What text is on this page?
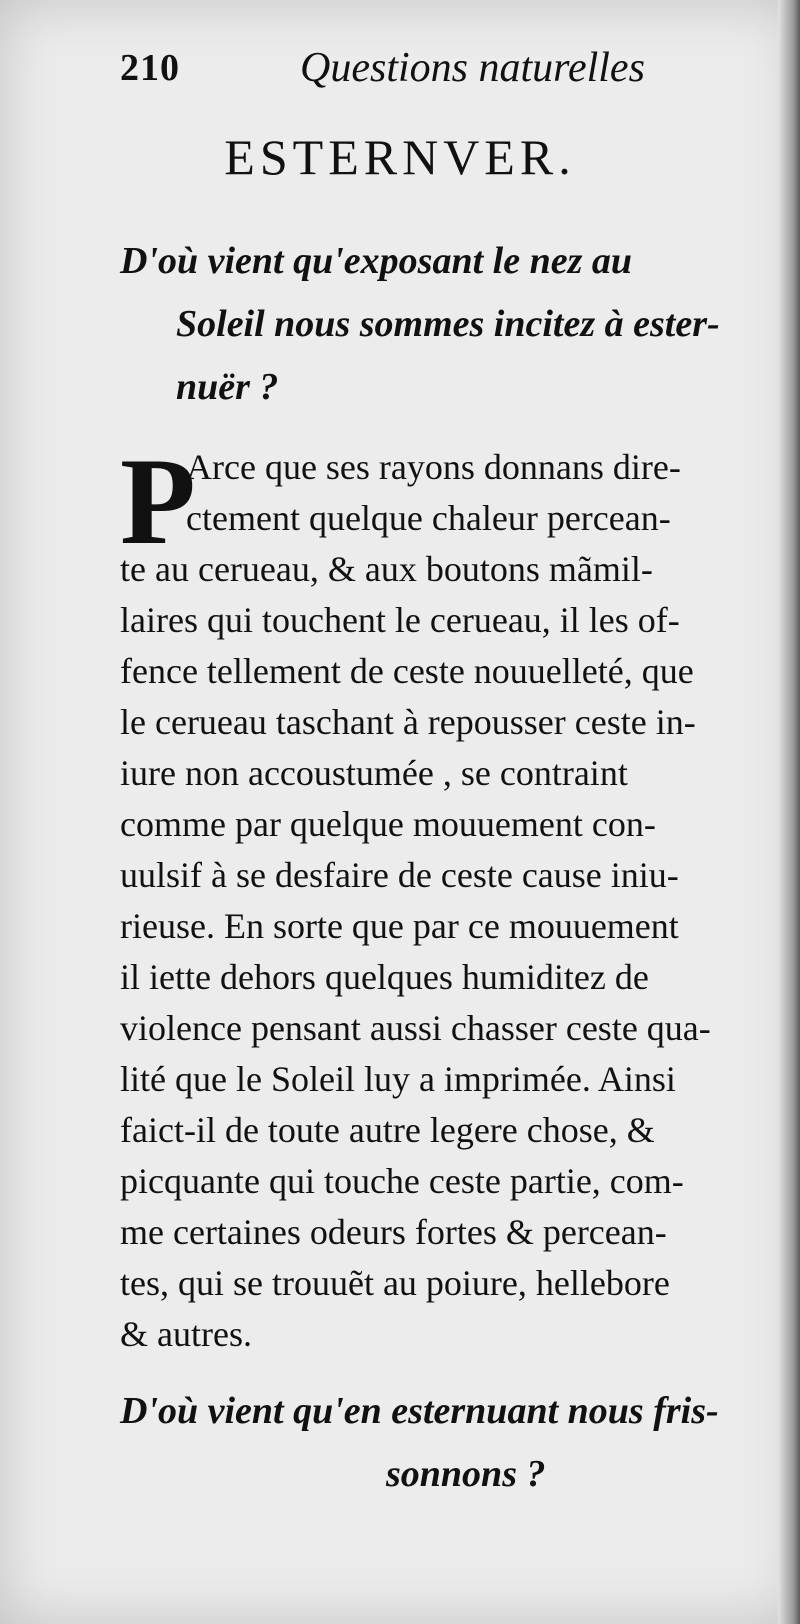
210	Questions naturelles
ESTERNVER.
D'où vient qu'exposant le nez au
Soleil nous sommes incitez à ester-
nuër ?
P
Arce que ses rayons donnans dire-
ctement quelque chaleur percean-
te au cerueau, & aux boutons mãmil-
laires qui touchent le cerueau, il les of-
fence tellement de ceste nouuelleté, que
le cerueau taschant à repousser ceste in-
iure non accoustumée , se contraint
comme par quelque mouuement con-
uulsif à se desfaire de ceste cause iniu-
rieuse. En sorte que par ce mouuement
il iette dehors quelques humiditez de
violence pensant aussi chasser ceste qua-
lité que le Soleil luy a imprimée. Ainsi
faict-il de toute autre legere chose, &
picquante qui touche ceste partie, com-
me certaines odeurs fortes & percean-
tes, qui se trouuẽt au poiure, hellebore
& autres.
D'où vient qu'en esternuant nous fris-
sonnons ?
